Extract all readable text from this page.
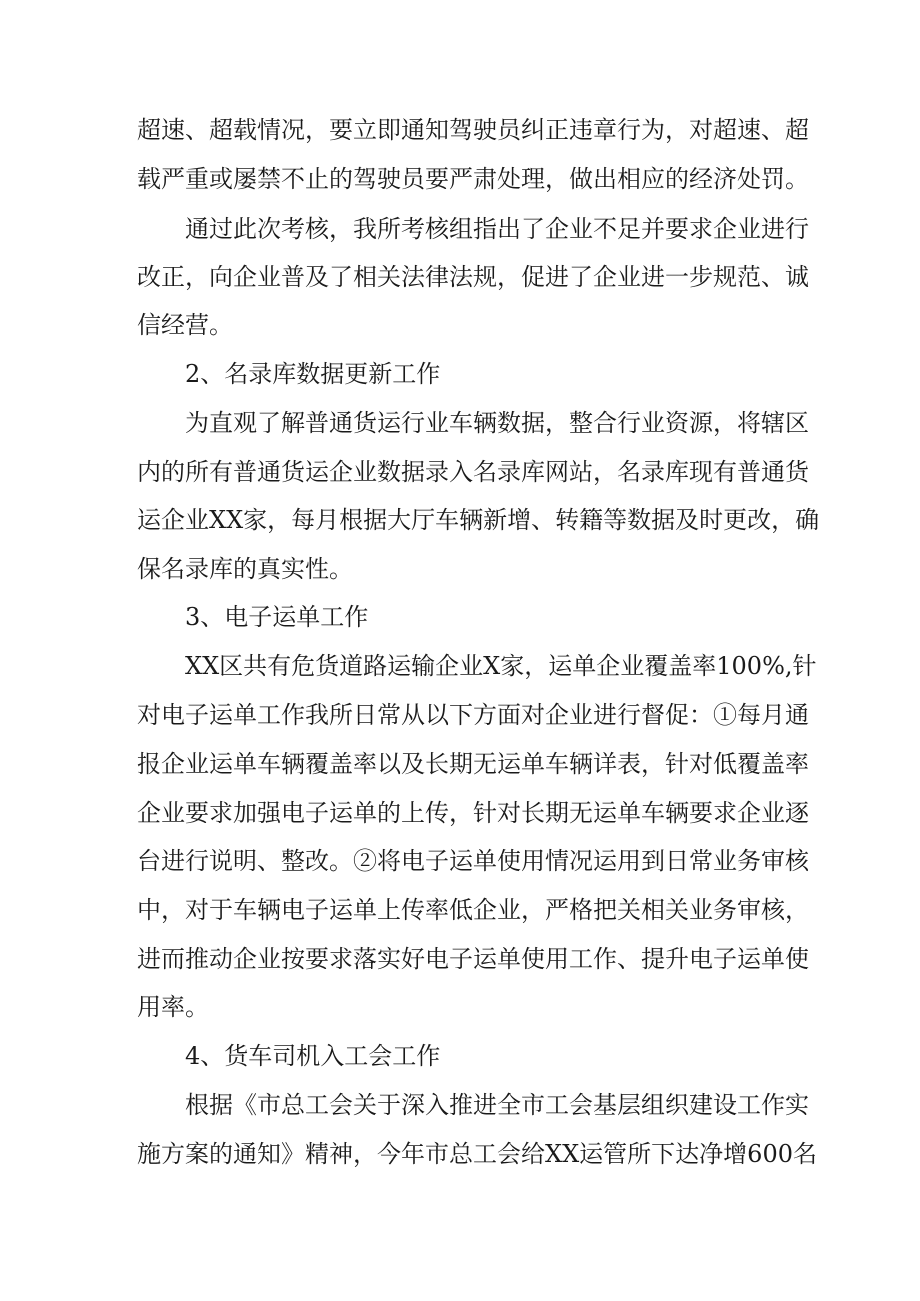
超速、超载情况，要立即通知驾驶员纠正违章行为，对超速、超
载严重或屡禁不止的驾驶员要严肃处理，做出相应的经济处罚。
通过此次考核，我所考核组指出了企业不足并要求企业进行
改正，向企业普及了相关法律法规，促进了企业进一步规范、诚
信经营。
2、名录库数据更新工作
为直观了解普通货运行业车辆数据，整合行业资源，将辖区
内的所有普通货运企业数据录入名录库网站，名录库现有普通货
运企业XX家，每月根据大厅车辆新增、转籍等数据及时更改，确
保名录库的真实性。
3、电子运单工作
XX区共有危货道路运输企业X家，运单企业覆盖率100%,针
对电子运单工作我所日常从以下方面对企业进行督促：①每月通
报企业运单车辆覆盖率以及长期无运单车辆详表，针对低覆盖率
企业要求加强电子运单的上传，针对长期无运单车辆要求企业逐
台进行说明、整改。②将电子运单使用情况运用到日常业务审核
中，对于车辆电子运单上传率低企业，严格把关相关业务审核，
进而推动企业按要求落实好电子运单使用工作、提升电子运单使
用率。
4、货车司机入工会工作
根据《市总工会关于深入推进全市工会基层组织建设工作实
施方案的通知》精神，今年市总工会给XX运管所下达净增600名
